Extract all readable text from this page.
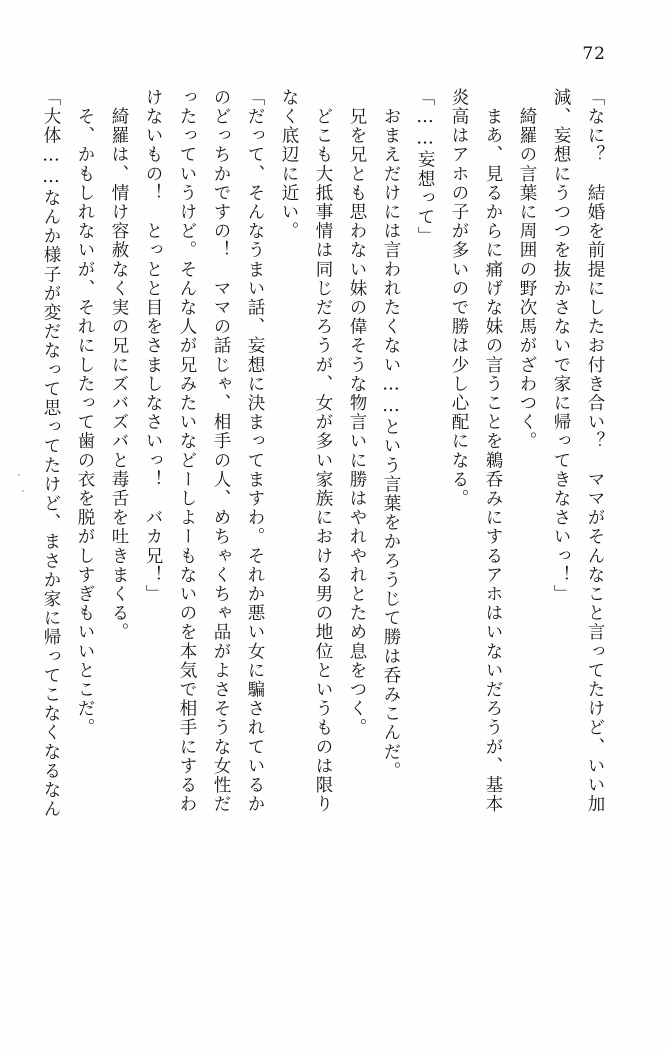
72
「なに？　結婚を前提にしたお付き合い？　ママがそんなこと言ってたけど、いい加
減、妄想にうつつを抜かさないで家に帰ってきなさいっ！」
　綺羅の言葉に周囲の野次馬がざわつく。
　まあ、見るからに痛げな妹の言うことを鵜呑みにするアホはいないだろうが、基本
炎高はアホの子が多いので勝は少し心配になる。
「……妄想って」
　おまえだけには言われたくない……という言葉をかろうじて勝は呑みこんだ。
　兄を兄とも思わない妹の偉そうな物言いに勝はやれやれとため息をつく。
　どこも大抵事情は同じだろうが、女が多い家族における男の地位というものは限り
なく底辺に近い。
「だって、そんなうまい話、妄想に決まってますわ。それか悪い女に騙されているか
のどっちかですの！　ママの話じゃ、相手の人、めちゃくちゃ品がよさそうな女性だ
ったっていうけど。そんな人が兄みたいなどーしよーもないのを本気で相手にするわ
けないもの！　とっとと目をさましなさいっ！　バカ兄！」
　綺羅は、情け容赦なく実の兄にズバズバと毒舌を吐きまくる。
　そ、かもしれないが、それにしたって歯の衣を脱がしすぎもいいとこだ。
「大体……なんか様子が変だなって思ってたけど、まさか家に帰ってこなくなるなん
